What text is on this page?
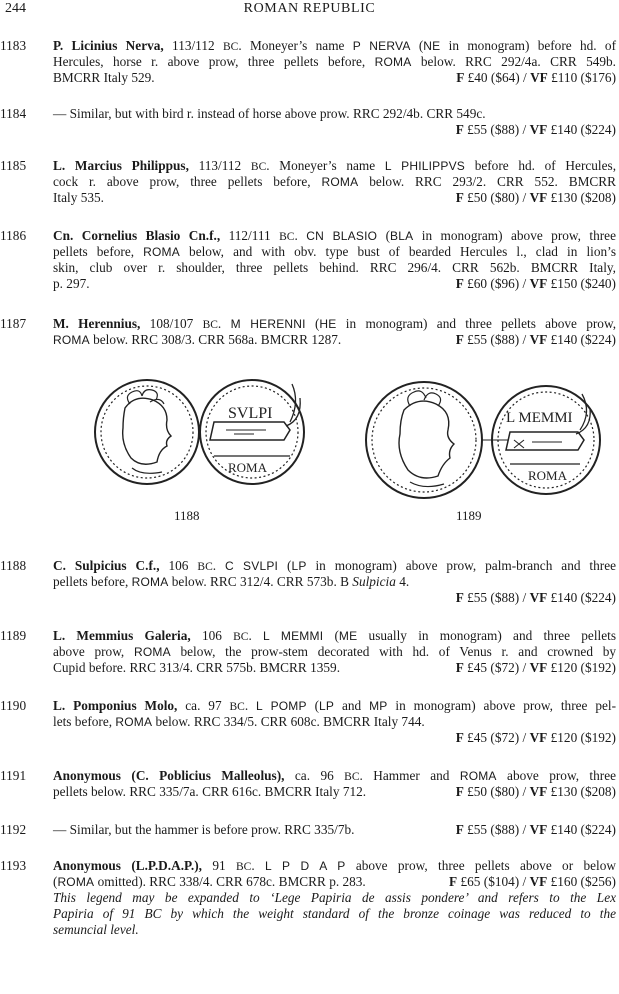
244	ROMAN REPUBLIC
1183	P. Licinius Nerva, 113/112 BC. Moneyer’s name P NERVA (NE in monogram) before hd. of
Hercules, horse r. above prow, three pellets before, ROMA below. RRC 292/4a. CRR 549b.
BMCRR Italy 529.	F £40 ($64) / VF £110 ($176)
1184	— Similar, but with bird r. instead of horse above prow. RRC 292/4b. CRR 549c.
F £55 ($88) / VF £140 ($224)
1185	L. Marcius Philippus, 113/112 BC. Moneyer’s name L PHILIPPVS before hd. of Hercules,
cock r. above prow, three pellets before, ROMA below. RRC 293/2. CRR 552. BMCRR
Italy 535.	F £50 ($80) / VF £130 ($208)
1186	Cn. Cornelius Blasio Cn.f., 112/111 BC. CN BLASIO (BLA in monogram) above prow, three
pellets before, ROMA below, and with obv. type bust of bearded Hercules l., clad in lion’s
skin, club over r. shoulder, three pellets behind. RRC 296/4. CRR 562b. BMCRR Italy,
p. 297.	F £60 ($96) / VF £150 ($240)
1187	M. Herennius, 108/107 BC. M HERENNI (HE in monogram) and three pellets above prow,
ROMA below. RRC 308/3. CRR 568a. BMCRR 1287.	F £55 ($88) / VF £140 ($224)
SVLPI
ROMA
L MEMMI
ROMA
1188	1189
1188	C. Sulpicius C.f., 106 BC. C SVLPI (LP in monogram) above prow, palm-branch and three
pellets before, ROMA below. RRC 312/4. CRR 573b. B Sulpicia 4.
F £55 ($88) / VF £140 ($224)
1189	L. Memmius Galeria, 106 BC. L MEMMI (ME usually in monogram) and three pellets
above prow, ROMA below, the prow-stem decorated with hd. of Venus r. and crowned by
Cupid before. RRC 313/4. CRR 575b. BMCRR 1359.	F £45 ($72) / VF £120 ($192)
1190	L. Pomponius Molo, ca. 97 BC. L POMP (LP and MP in monogram) above prow, three pel-
lets before, ROMA below. RRC 334/5. CRR 608c. BMCRR Italy 744.
F £45 ($72) / VF £120 ($192)
1191	Anonymous (C. Poblicius Malleolus), ca. 96 BC. Hammer and ROMA above prow, three
pellets below. RRC 335/7a. CRR 616c. BMCRR Italy 712.	F £50 ($80) / VF £130 ($208)
1192	— Similar, but the hammer is before prow. RRC 335/7b.	F £55 ($88) / VF £140 ($224)
1193	Anonymous (L.P.D.A.P.), 91 BC. L P D A P above prow, three pellets above or below
(ROMA omitted). RRC 338/4. CRR 678c. BMCRR p. 283.	F £65 ($104) / VF £160 ($256)
This legend may be expanded to ‘Lege Papiria de assis pondere’ and refers to the Lex
Papiria of 91 BC by which the weight standard of the bronze coinage was reduced to the
semuncial level.
